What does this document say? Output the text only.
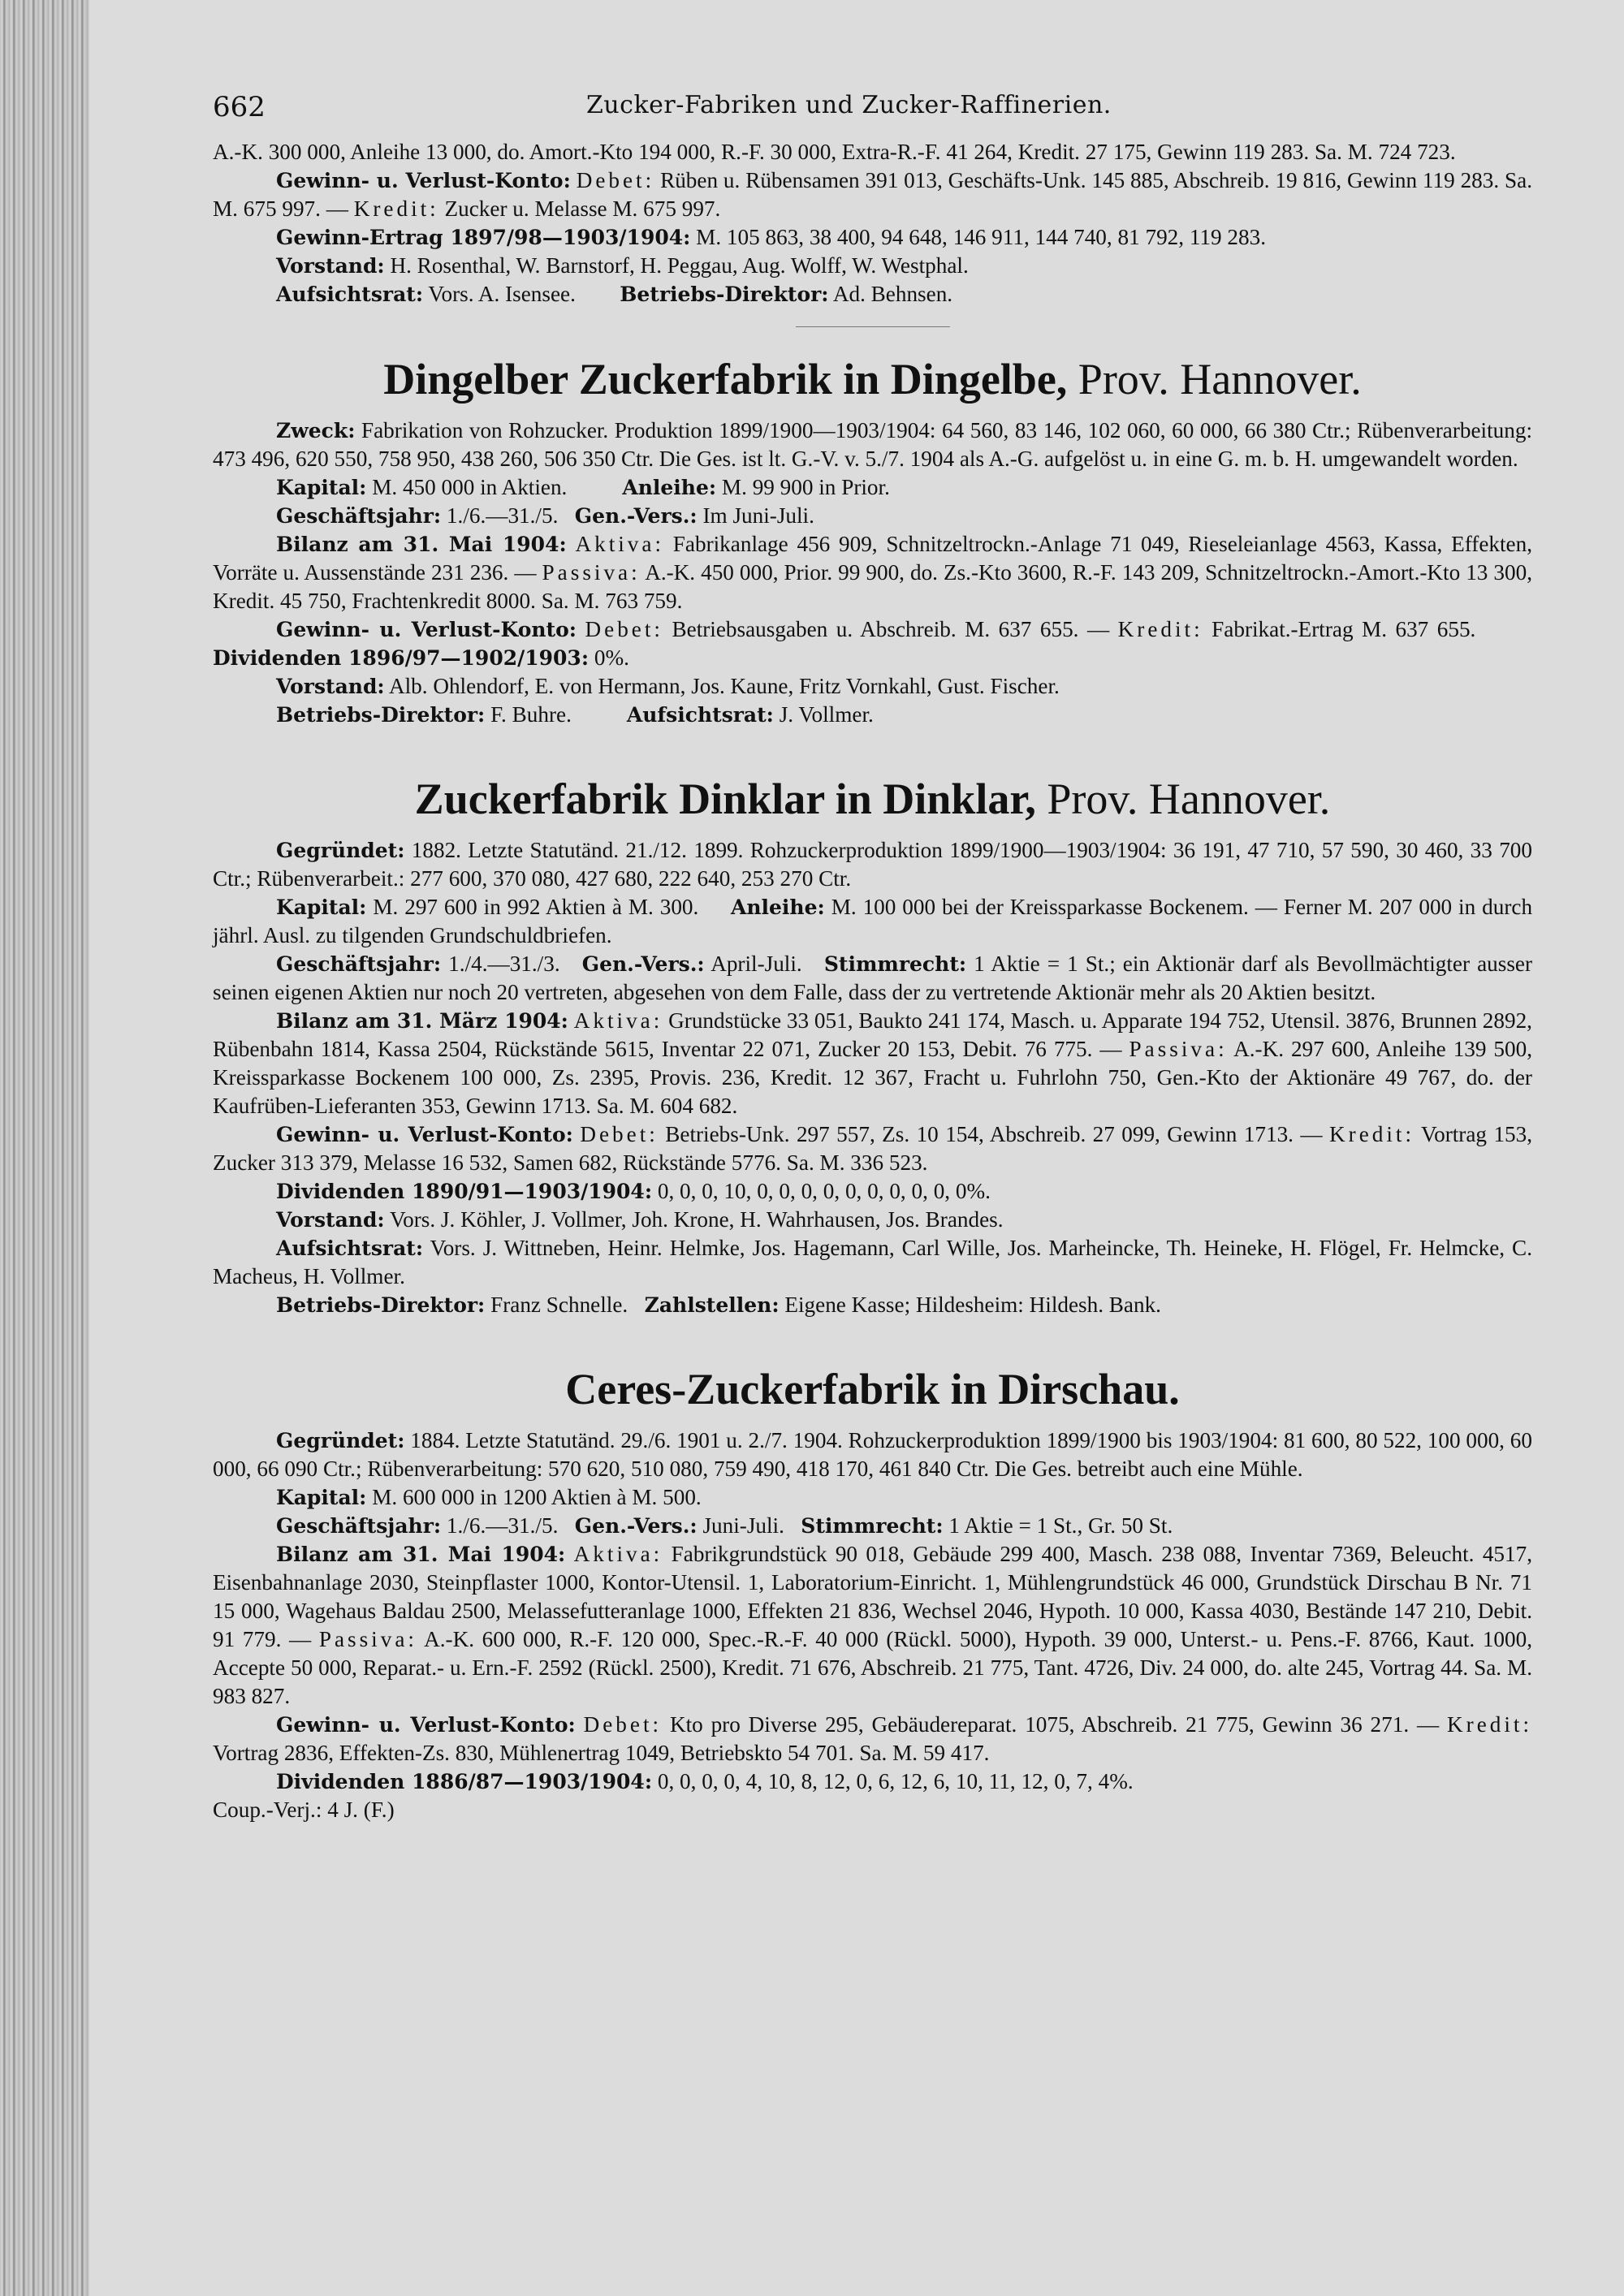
662	Zucker-Fabriken und Zucker-Raffinerien.

A.-K. 300 000, Anleihe 13 000, do. Amort.-Kto 194 000, R.-F. 30 000, Extra-R.-F. 41 264, Kredit. 27 175, Gewinn 119 283. Sa. M. 724 723.

Gewinn- u. Verlust-Konto: Debet: Rüben u. Rübensamen 391 013, Geschäfts-Unk. 145 885, Abschreib. 19 816, Gewinn 119 283. Sa. M. 675 997. — Kredit: Zucker u. Melasse M. 675 997.

Gewinn-Ertrag 1897/98—1903/1904: M. 105 863, 38 400, 94 648, 146 911, 144 740, 81 792, 119 283.

Vorstand: H. Rosenthal, W. Barnstorf, H. Peggau, Aug. Wolff, W. Westphal.

Aufsichtsrat: Vors. A. Isensee. Betriebs-Direktor: Ad. Behnsen.

Dingelber Zuckerfabrik in Dingelbe, Prov. Hannover.

Zweck: Fabrikation von Rohzucker. Produktion 1899/1900—1903/1904: 64 560, 83 146, 102 060, 60 000, 66 380 Ctr.; Rübenverarbeitung: 473 496, 620 550, 758 950, 438 260, 506 350 Ctr. Die Ges. ist lt. G.-V. v. 5./7. 1904 als A.-G. aufgelöst u. in eine G. m. b. H. umgewandelt worden.

Kapital: M. 450 000 in Aktien.	Anleihe: M. 99 900 in Prior.

Geschäftsjahr: 1./6.—31./5. Gen.-Vers.: Im Juni-Juli.

Bilanz am 31. Mai 1904: Aktiva: Fabrikanlage 456 909, Schnitzeltrockn.-Anlage 71 049, Rieseleianlage 4563, Kassa, Effekten, Vorräte u. Aussenstände 231 236. — Passiva: A.-K. 450 000, Prior. 99 900, do. Zs.-Kto 3600, R.-F. 143 209, Schnitzeltrockn.-Amort.-Kto 13 300, Kredit. 45 750, Frachtenkredit 8000. Sa. M. 763 759.

Gewinn- u. Verlust-Konto: Debet: Betriebsausgaben u. Abschreib. M. 637 655. — Kredit: Fabrikat.-Ertrag M. 637 655.        Dividenden 1896/97—1902/1903: 0%.

Vorstand: Alb. Ohlendorf, E. von Hermann, Jos. Kaune, Fritz Vornkahl, Gust. Fischer.

Betriebs-Direktor: F. Buhre.	Aufsichtsrat: J. Vollmer.

Zuckerfabrik Dinklar in Dinklar, Prov. Hannover.

Gegründet: 1882. Letzte Statutänd. 21./12. 1899. Rohzuckerproduktion 1899/1900—1903/1904: 36 191, 47 710, 57 590, 30 460, 33 700 Ctr.; Rübenverarbeit.: 277 600, 370 080, 427 680, 222 640, 253 270 Ctr.

Kapital: M. 297 600 in 992 Aktien à M. 300. Anleihe: M. 100 000 bei der Kreissparkasse Bockenem. — Ferner M. 207 000 in durch jährl. Ausl. zu tilgenden Grundschuldbriefen.

Geschäftsjahr: 1./4.—31./3. Gen.-Vers.: April-Juli. Stimmrecht: 1 Aktie = 1 St.; ein Aktionär darf als Bevollmächtigter ausser seinen eigenen Aktien nur noch 20 vertreten, abgesehen von dem Falle, dass der zu vertretende Aktionär mehr als 20 Aktien besitzt.

Bilanz am 31. März 1904: Aktiva: Grundstücke 33 051, Baukto 241 174, Masch. u. Apparate 194 752, Utensil. 3876, Brunnen 2892, Rübenbahn 1814, Kassa 2504, Rückstände 5615, Inventar 22 071, Zucker 20 153, Debit. 76 775. — Passiva: A.-K. 297 600, Anleihe 139 500, Kreissparkasse Bockenem 100 000, Zs. 2395, Provis. 236, Kredit. 12 367, Fracht u. Fuhrlohn 750, Gen.-Kto der Aktionäre 49 767, do. der Kaufrüben-Lieferanten 353, Gewinn 1713. Sa. M. 604 682.

Gewinn- u. Verlust-Konto: Debet: Betriebs-Unk. 297 557, Zs. 10 154, Abschreib. 27 099, Gewinn 1713. — Kredit: Vortrag 153, Zucker 313 379, Melasse 16 532, Samen 682, Rückstände 5776. Sa. M. 336 523.

Dividenden 1890/91—1903/1904: 0, 0, 0, 10, 0, 0, 0, 0, 0, 0, 0, 0, 0, 0%.

Vorstand: Vors. J. Köhler, J. Vollmer, Joh. Krone, H. Wahrhausen, Jos. Brandes.

Aufsichtsrat: Vors. J. Wittneben, Heinr. Helmke, Jos. Hagemann, Carl Wille, Jos. Marheincke, Th. Heineke, H. Flögel, Fr. Helmcke, C. Macheus, H. Vollmer.

Betriebs-Direktor: Franz Schnelle. Zahlstellen: Eigene Kasse; Hildesheim: Hildesh. Bank.

Ceres-Zuckerfabrik in Dirschau.

Gegründet: 1884. Letzte Statutänd. 29./6. 1901 u. 2./7. 1904. Rohzuckerproduktion 1899/1900 bis 1903/1904: 81 600, 80 522, 100 000, 60 000, 66 090 Ctr.; Rübenverarbeitung: 570 620, 510 080, 759 490, 418 170, 461 840 Ctr. Die Ges. betreibt auch eine Mühle.

Kapital: M. 600 000 in 1200 Aktien à M. 500.

Geschäftsjahr: 1./6.—31./5. Gen.-Vers.: Juni-Juli. Stimmrecht: 1 Aktie = 1 St., Gr. 50 St.

Bilanz am 31. Mai 1904: Aktiva: Fabrikgrundstück 90 018, Gebäude 299 400, Masch. 238 088, Inventar 7369, Beleucht. 4517, Eisenbahnanlage 2030, Steinpflaster 1000, Kontor-Utensil. 1, Laboratorium-Einricht. 1, Mühlengrundstück 46 000, Grundstück Dirschau B Nr. 71 15 000, Wagehaus Baldau 2500, Melassefutteranlage 1000, Effekten 21 836, Wechsel 2046, Hypoth. 10 000, Kassa 4030, Bestände 147 210, Debit. 91 779. — Passiva: A.-K. 600 000, R.-F. 120 000, Spec.-R.-F. 40 000 (Rückl. 5000), Hypoth. 39 000, Unterst.- u. Pens.-F. 8766, Kaut. 1000, Accepte 50 000, Reparat.- u. Ern.-F. 2592 (Rückl. 2500), Kredit. 71 676, Abschreib. 21 775, Tant. 4726, Div. 24 000, do. alte 245, Vortrag 44. Sa. M. 983 827.

Gewinn- u. Verlust-Konto: Debet: Kto pro Diverse 295, Gebäudereparat. 1075, Abschreib. 21 775, Gewinn 36 271. — Kredit: Vortrag 2836, Effekten-Zs. 830, Mühlenertrag 1049, Betriebskto 54 701. Sa. M. 59 417.

Dividenden 1886/87—1903/1904: 0, 0, 0, 0, 4, 10, 8, 12, 0, 6, 12, 6, 10, 11, 12, 0, 7, 4%.

Coup.-Verj.: 4 J. (F.)
